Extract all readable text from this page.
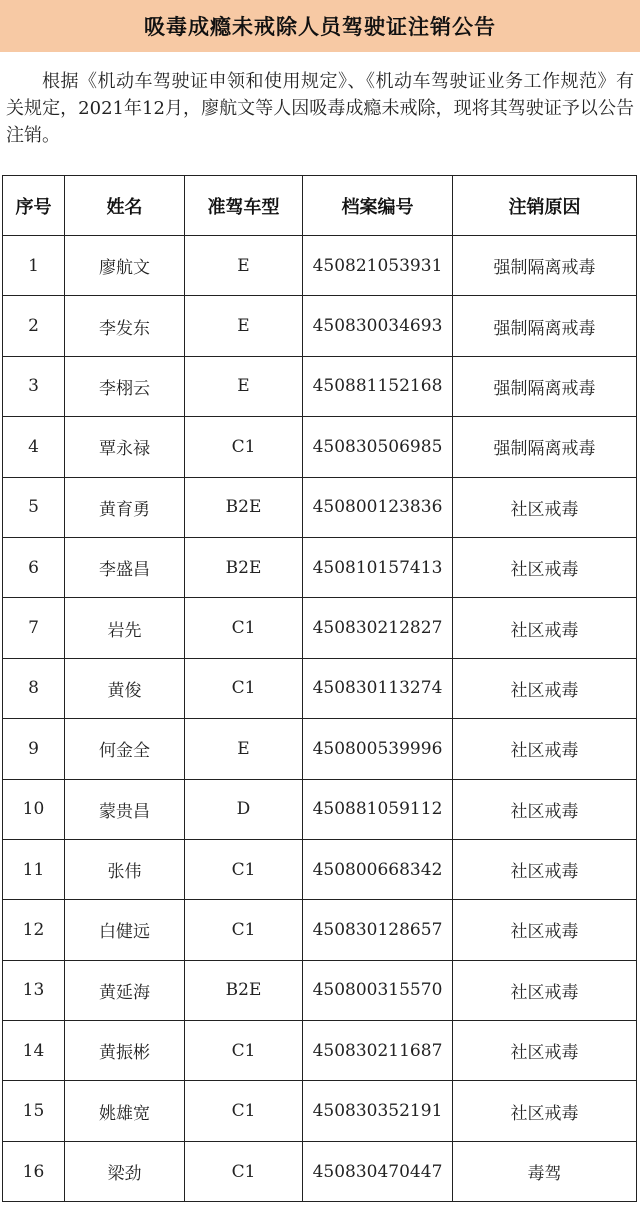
吸毒成瘾未戒除人员驾驶证注销公告

根据《机动车驾驶证申领和使用规定》、《机动车驾驶证业务工作规范》有关规定，2021年12月，廖航文等人因吸毒成瘾未戒除，现将其驾驶证予以公告注销。

序号	姓名	准驾车型	档案编号	注销原因
1	廖航文	E	450821053931	强制隔离戒毒
2	李发东	E	450830034693	强制隔离戒毒
3	李栩云	E	450881152168	强制隔离戒毒
4	覃永禄	C1	450830506985	强制隔离戒毒
5	黄育勇	B2E	450800123836	社区戒毒
6	李盛昌	B2E	450810157413	社区戒毒
7	岩先	C1	450830212827	社区戒毒
8	黄俊	C1	450830113274	社区戒毒
9	何金全	E	450800539996	社区戒毒
10	蒙贵昌	D	450881059112	社区戒毒
11	张伟	C1	450800668342	社区戒毒
12	白健远	C1	450830128657	社区戒毒
13	黄延海	B2E	450800315570	社区戒毒
14	黄振彬	C1	450830211687	社区戒毒
15	姚雄宽	C1	450830352191	社区戒毒
16	梁劲	C1	450830470447	毒驾
